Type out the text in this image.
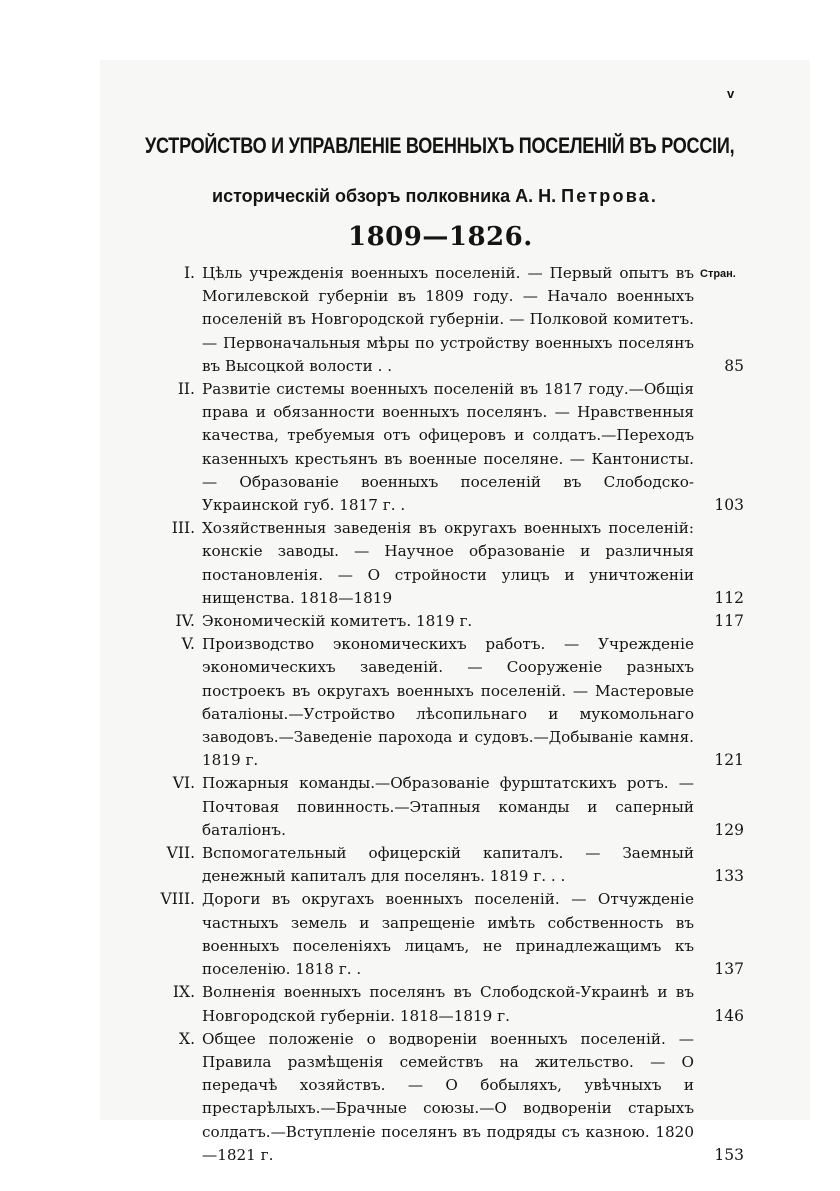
v
УСТРОЙСТВО И УПРАВЛЕНІЕ ВОЕННЫХЪ ПОСЕЛЕНІЙ ВЪ РОССІИ,
историческій обзоръ полковника А. Н. Петрова.
1809—1826.
Стран.
I. Цѣль учрежденія военныхъ поселеній. — Первый опытъ въ Могилевской губерніи въ 1809 году. — Начало военныхъ поселеній въ Новгородской губерніи. — Полковой комитетъ. — Первоначальныя мѣры по устройству военныхъ поселянъ въ Высоцкой волости . .	85
II. Развитіе системы военныхъ поселеній въ 1817 году.—Общія права и обязанности военныхъ поселянъ. — Нравственныя качества, требуемыя отъ офицеровъ и солдатъ.—Переходъ казенныхъ крестьянъ въ военные поселяне. — Кантонисты. — Образованіе военныхъ поселеній въ Слободско-Украинской губ. 1817 г. .	103
III. Хозяйственныя заведенія въ округахъ военныхъ поселеній: конскіе заводы. — Научное образованіе и различныя постановленія. — О стройности улицъ и уничтоженіи нищенства. 1818—1819	112
IV. Экономическій комитетъ. 1819 г.	117
V. Производство экономическихъ работъ. — Учрежденіе экономическихъ заведеній. — Сооруженіе разныхъ построекъ въ округахъ военныхъ поселеній. — Мастеровые баталіоны.—Устройство лѣсопильнаго и мукомольнаго заводовъ.—Заведеніе парохода и судовъ.—Добываніе камня. 1819 г.	121
VI. Пожарныя команды.—Образованіе фурштатскихъ ротъ. — Почтовая повинность.—Этапныя команды и саперный баталіонъ.	129
VII. Вспомогательный офицерскій капиталъ. — Заемный денежный капиталъ для поселянъ. 1819 г. . .	133
VIII. Дороги въ округахъ военныхъ поселеній. — Отчужденіе частныхъ земель и запрещеніе имѣть собственность въ военныхъ поселеніяхъ лицамъ, не принадлежащимъ къ поселенію. 1818 г. .	137
IX. Волненія военныхъ поселянъ въ Слободской-Украинѣ и въ Новгородской губерніи. 1818—1819 г.	146
X. Общее положеніе о водвореніи военныхъ поселеній. — Правила размѣщенія семействъ на жительство. — О передачѣ хозяйствъ. — О бобыляхъ, увѣчныхъ и престарѣлыхъ.—Брачные союзы.—О водвореніи старыхъ солдатъ.—Вступленіе поселянъ въ подряды съ казною. 1820—1821 г.	153
